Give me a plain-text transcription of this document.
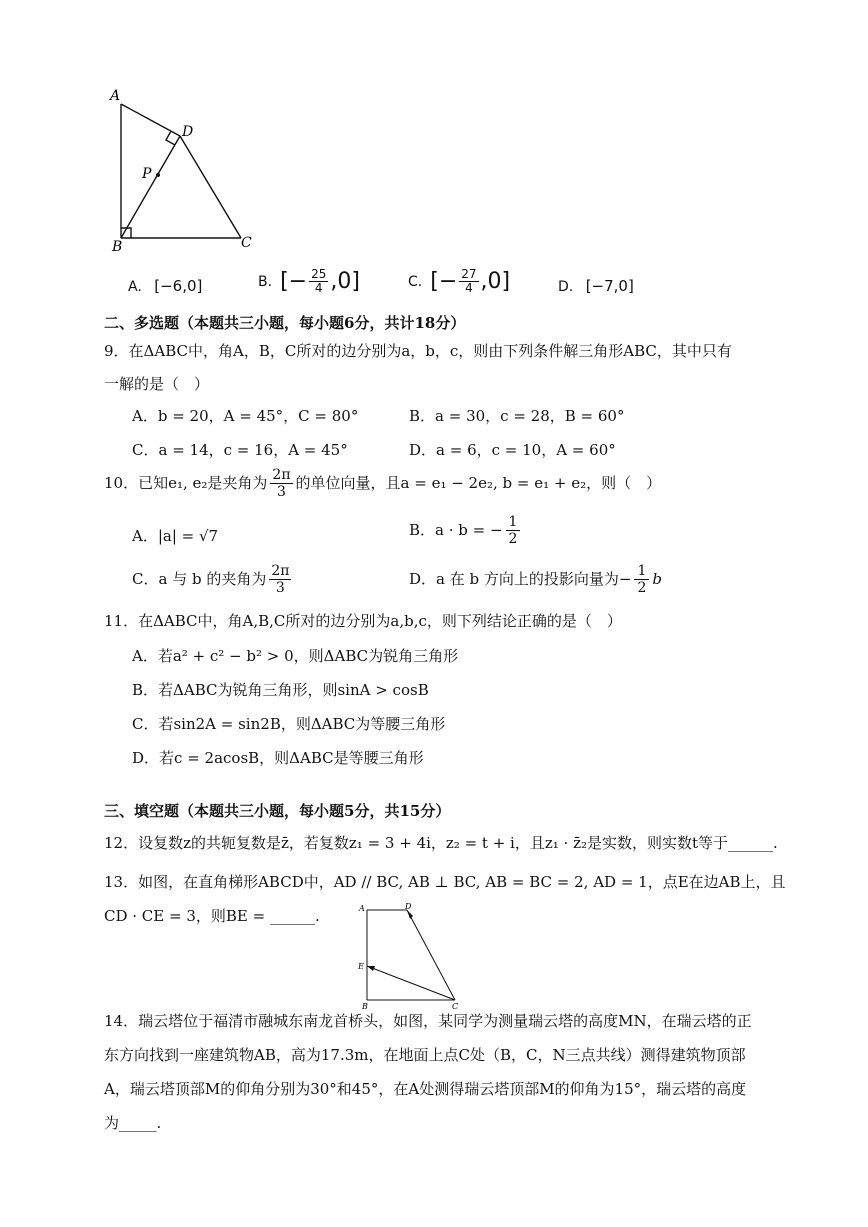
A
D
P
B	C
A. [−6,0]	B. [− $\frac{25}{4} ,0$]	C. [− $\frac{27}{4} ,0$]	D. [−7,0]
二、多选题（本题共三小题，每小题6分，共计18分）
9．在ΔABC中，角A，B，C所对的边分别为a，b，c，则由下列条件解三角形ABC，其中只有
一解的是（　）
A．b = 20，A = 45°，C = 80°	B．a = 30，c = 28，B = 60°
C．a = 14，c = 16，A = 45°	D．a = 6，c = 10，A = 60°
10．已知e₁, e₂是夹角为 2π
3 的单位向量，且a = e₁ − 2e₂, b = e₁ + e₂，则（　）
A．|a| = √7	B．a · b = − $\frac{1}{2}$
C．a 与 b 的夹角为 2π
3	D．a 在 b 方向上的投影向量为− $\frac{1}{2}$ b
11．在ΔABC中，角A,B,C所对的边分别为a,b,c，则下列结论正确的是（　）
A．若a² + c² − b² > 0，则ΔABC为锐角三角形
B．若ΔABC为锐角三角形，则sinA > cosB
C．若sin2A = sin2B，则ΔABC为等腰三角形
D．若c = 2acosB，则ΔABC是等腰三角形
三、填空题（本题共三小题，每小题5分，共15分）
12．设复数z的共轭复数是z̄，若复数z₁ = 3 + 4i，z₂ = t + i，且z₁ · z̄₂是实数，则实数t等于______.
13．如图，在直角梯形ABCD中，AD // BC, AB ⊥ BC, AB = BC = 2, AD = 1，点E在边AB上，且
CD · CE = 3，则BE = ______.	A	D
E
B	C
14．瑞云塔位于福清市融城东南龙首桥头，如图，某同学为测量瑞云塔的高度MN，在瑞云塔的正
东方向找到一座建筑物AB，高为17.3m，在地面上点C处（B，C，N三点共线）测得建筑物顶部
A，瑞云塔顶部M的仰角分别为30°和45°，在A处测得瑞云塔顶部M的仰角为15°，瑞云塔的高度
为_____.
